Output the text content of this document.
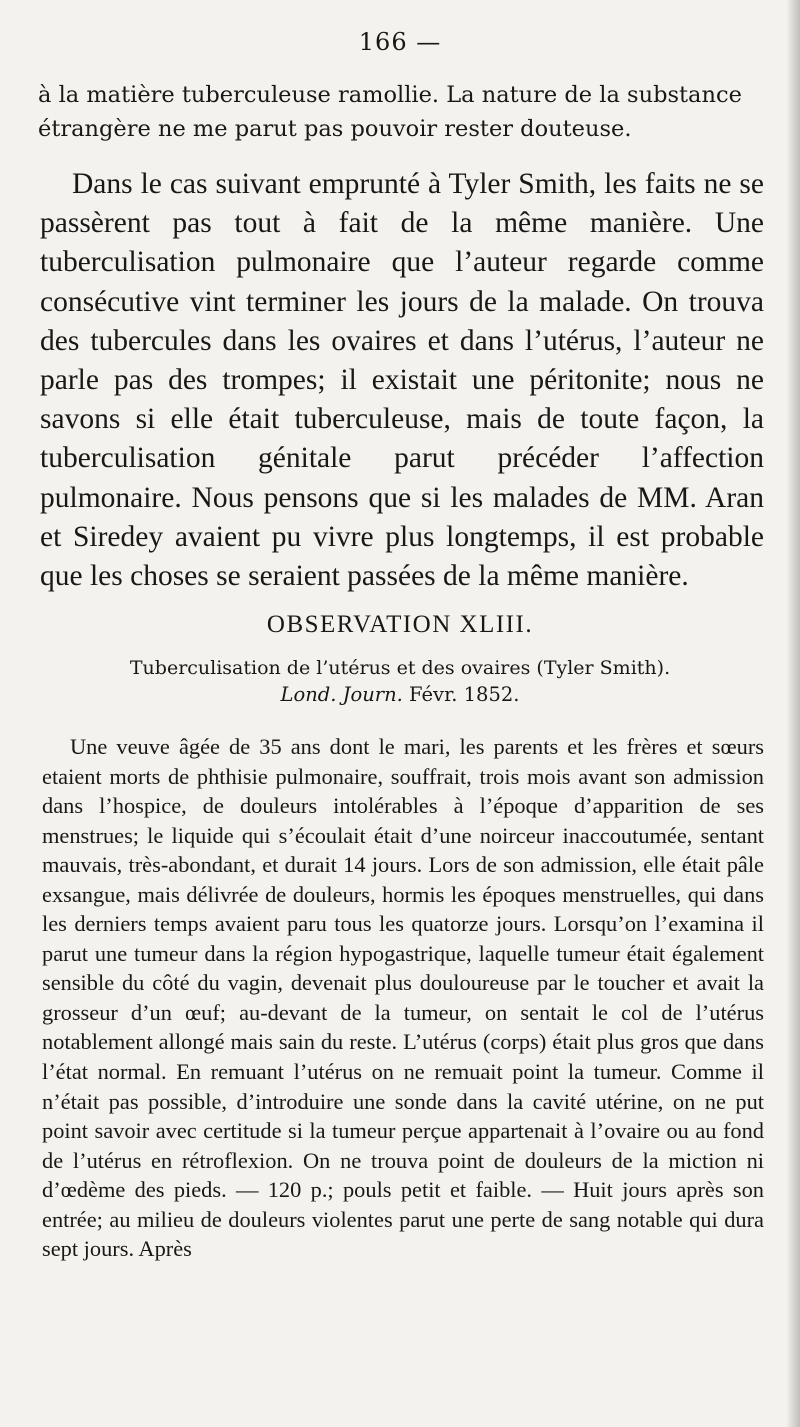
166 —

à la matière tuberculeuse ramollie. La nature de la substance étrangère ne me parut pas pouvoir rester douteuse.

Dans le cas suivant emprunté à Tyler Smith, les faits ne se passèrent pas tout à fait de la même manière. Une tuberculisation pulmonaire que l’auteur regarde comme consécutive vint terminer les jours de la malade. On trouva des tubercules dans les ovaires et dans l’utérus, l’auteur ne parle pas des trompes; il existait une péritonite; nous ne savons si elle était tuberculeuse, mais de toute façon, la tuberculisation génitale parut précéder l’affection pulmonaire. Nous pensons que si les malades de MM. Aran et Siredey avaient pu vivre plus longtemps, il est probable que les choses se seraient passées de la même manière.

OBSERVATION XLIII.
Tuberculisation de l’utérus et des ovaires (Tyler Smith).
Lond. Journ. Févr. 1852.

Une veuve âgée de 35 ans dont le mari, les parents et les frères et sœurs etaient morts de phthisie pulmonaire, souffrait, trois mois avant son admission dans l’hospice, de douleurs intolérables à l’époque d’apparition de ses menstrues; le liquide qui s’écoulait était d’une noirceur inaccoutumée, sentant mauvais, très-abondant, et durait 14 jours. Lors de son admission, elle était pâle exsangue, mais délivrée de douleurs, hormis les époques menstruelles, qui dans les derniers temps avaient paru tous les quatorze jours. Lorsqu’on l’examina il parut une tumeur dans la région hypogastrique, laquelle tumeur était également sensible du côté du vagin, devenait plus douloureuse par le toucher et avait la grosseur d’un œuf; au-devant de la tumeur, on sentait le col de l’utérus notablement allongé mais sain du reste. L’utérus (corps) était plus gros que dans l’état normal. En remuant l’utérus on ne remuait point la tumeur. Comme il n’était pas possible, d’introduire une sonde dans la cavité utérine, on ne put point savoir avec certitude si la tumeur perçue appartenait à l’ovaire ou au fond de l’utérus en rétroflexion. On ne trouva point de douleurs de la miction ni d’œdème des pieds. — 120 p.; pouls petit et faible. — Huit jours après son entrée; au milieu de douleurs violentes parut une perte de sang notable qui dura sept jours. Après
